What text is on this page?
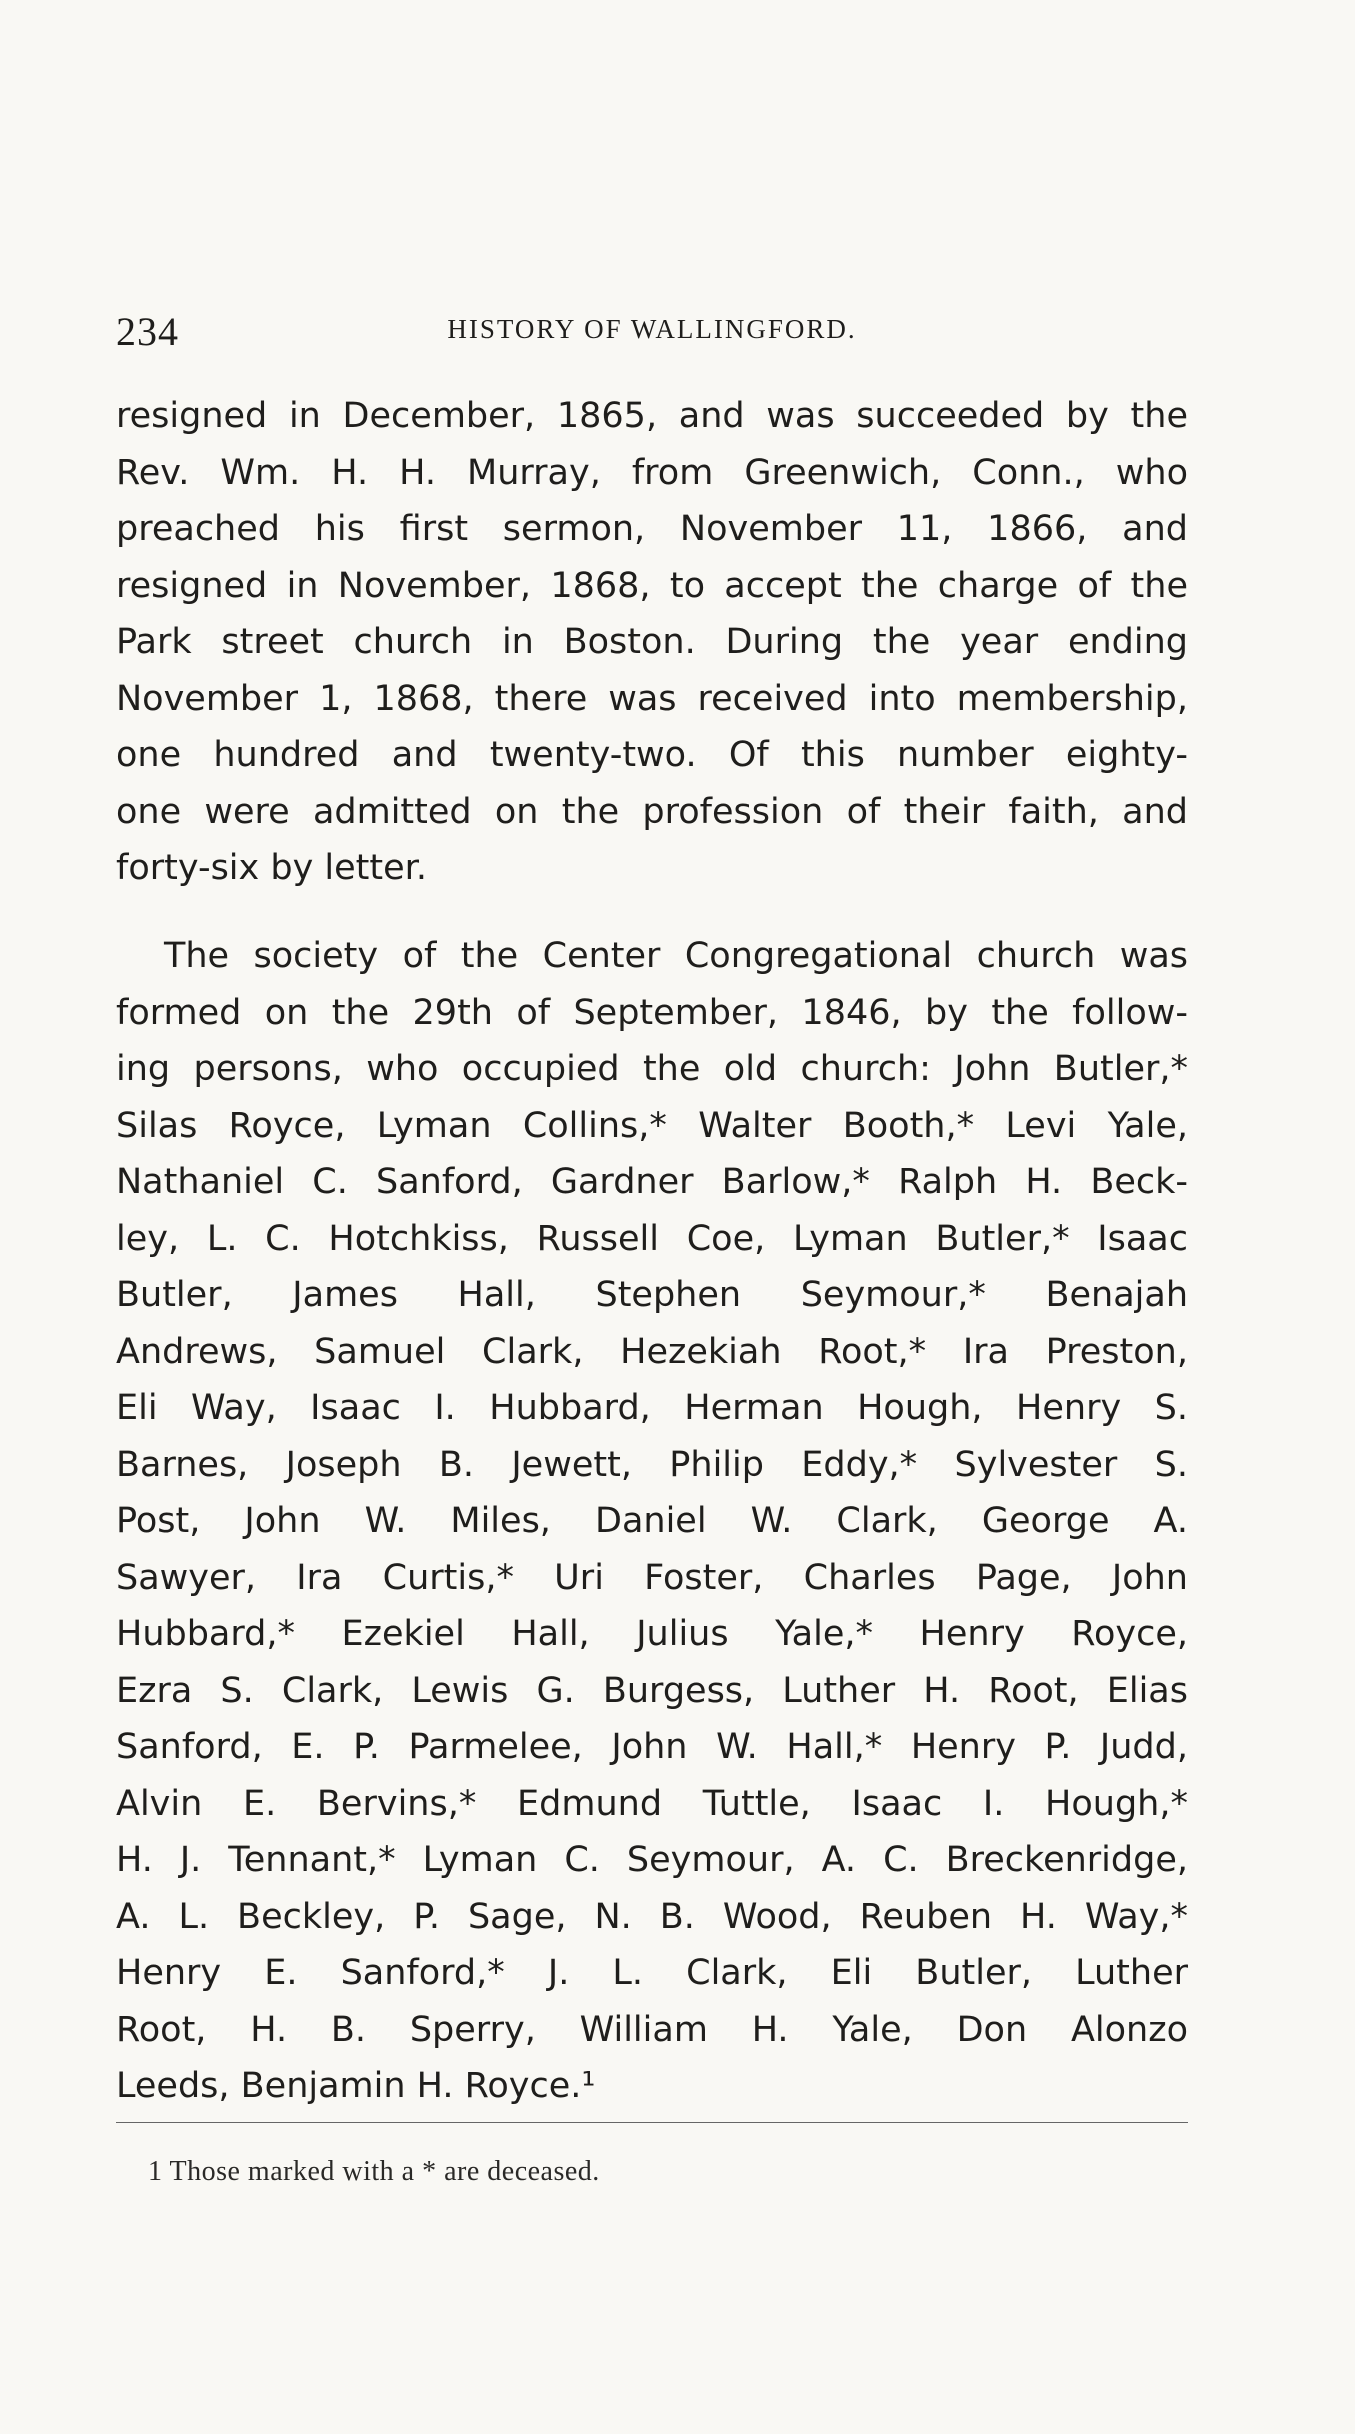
234	HISTORY OF WALLINGFORD.
resigned in December, 1865, and was succeeded by the
Rev. Wm. H. H. Murray, from Greenwich, Conn., who
preached his first sermon, November 11, 1866, and
resigned in November, 1868, to accept the charge of the
Park street church in Boston. During the year ending
November 1, 1868, there was received into membership,
one hundred and twenty-two. Of this number eighty-
one were admitted on the profession of their faith, and
forty-six by letter.
The society of the Center Congregational church was
formed on the 29th of September, 1846, by the follow-
ing persons, who occupied the old church: John Butler,*
Silas Royce, Lyman Collins,* Walter Booth,* Levi Yale,
Nathaniel C. Sanford, Gardner Barlow,* Ralph H. Beck-
ley, L. C. Hotchkiss, Russell Coe, Lyman Butler,* Isaac
Butler, James Hall, Stephen Seymour,* Benajah
Andrews, Samuel Clark, Hezekiah Root,* Ira Preston,
Eli Way, Isaac I. Hubbard, Herman Hough, Henry S.
Barnes, Joseph B. Jewett, Philip Eddy,* Sylvester S.
Post, John W. Miles, Daniel W. Clark, George A.
Sawyer, Ira Curtis,* Uri Foster, Charles Page, John
Hubbard,* Ezekiel Hall, Julius Yale,* Henry Royce,
Ezra S. Clark, Lewis G. Burgess, Luther H. Root, Elias
Sanford, E. P. Parmelee, John W. Hall,* Henry P. Judd,
Alvin E. Bervins,* Edmund Tuttle, Isaac I. Hough,*
H. J. Tennant,* Lyman C. Seymour, A. C. Breckenridge,
A. L. Beckley, P. Sage, N. B. Wood, Reuben H. Way,*
Henry E. Sanford,* J. L. Clark, Eli Butler, Luther
Root, H. B. Sperry, William H. Yale, Don Alonzo
Leeds, Benjamin H. Royce.¹
1 Those marked with a * are deceased.
